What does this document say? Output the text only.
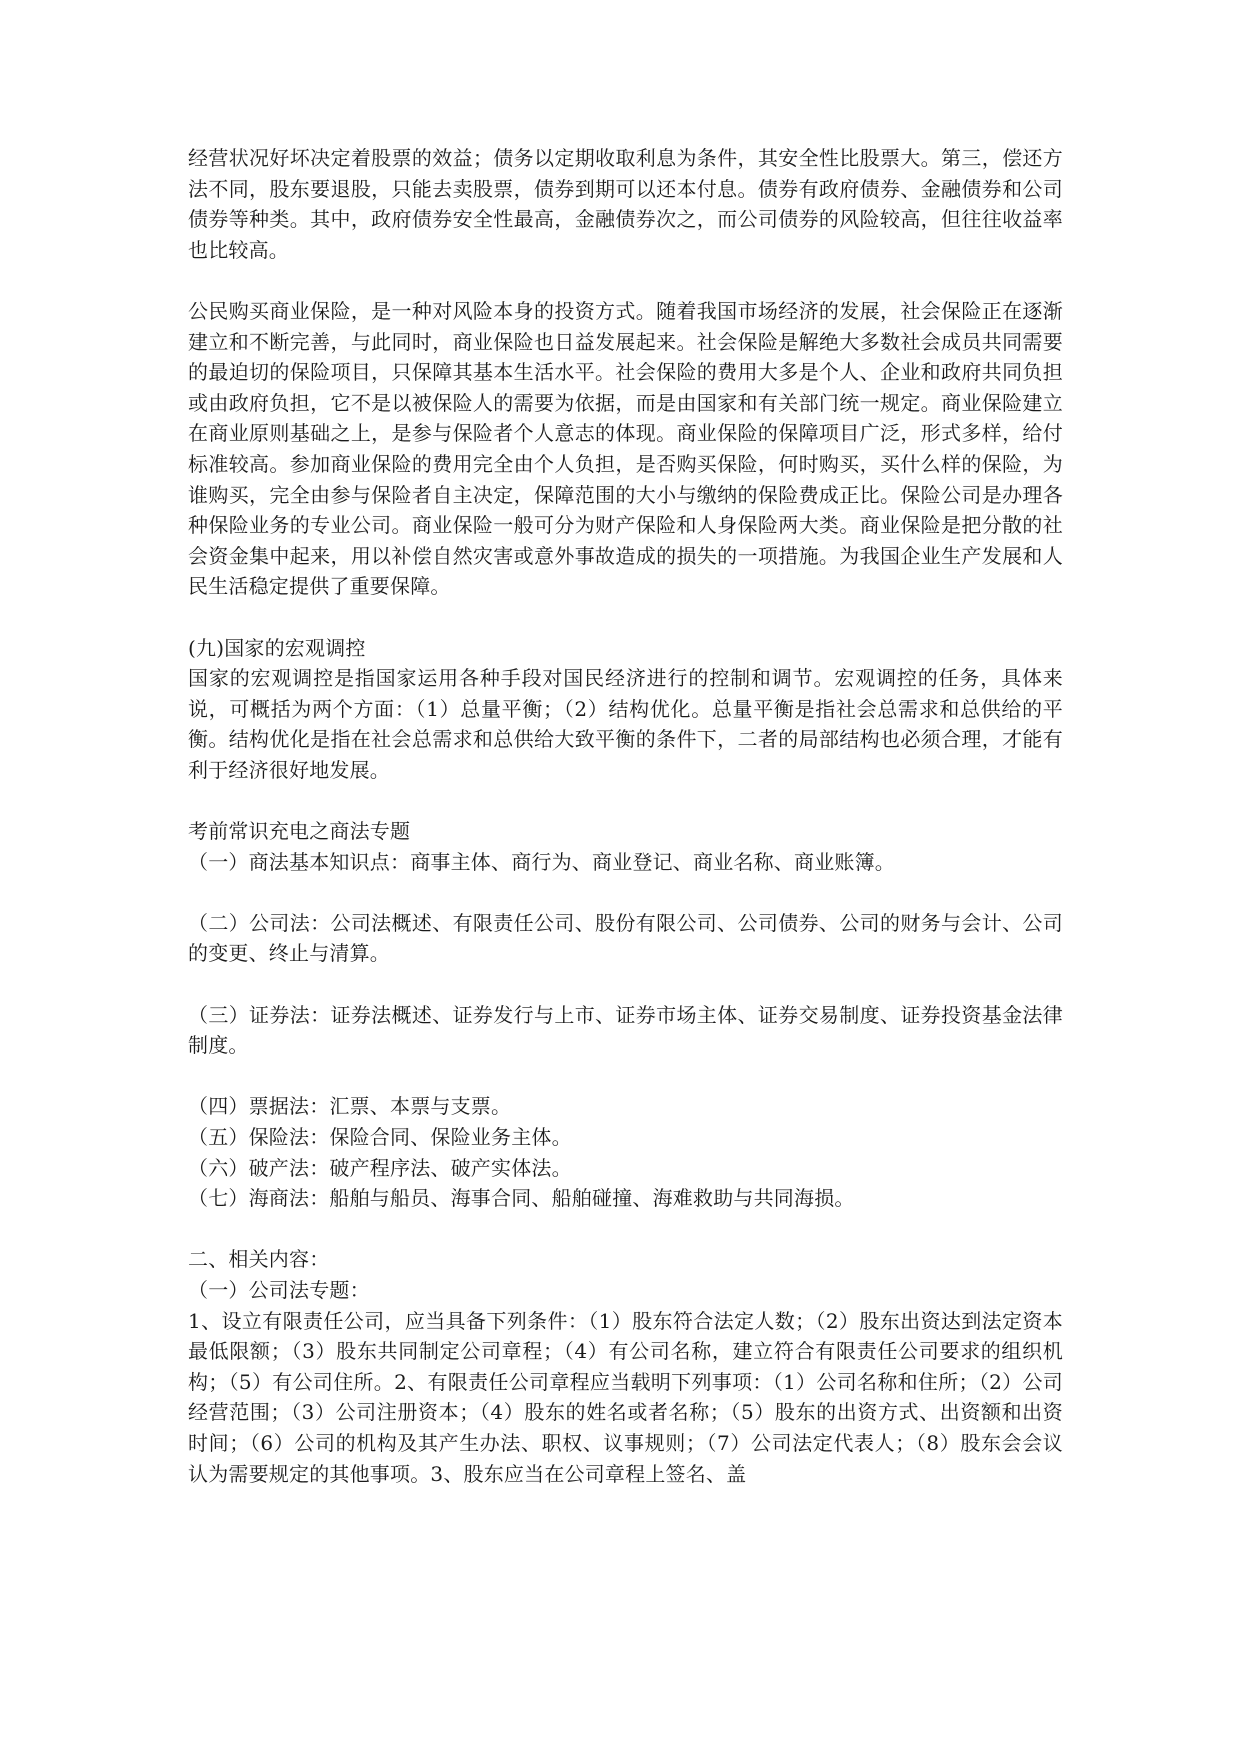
经营状况好坏决定着股票的效益；债务以定期收取利息为条件，其安全性比股票大。第三，偿还方法不同，股东要退股，只能去卖股票，债券到期可以还本付息。债券有政府债券、金融债券和公司债券等种类。其中，政府债券安全性最高，金融债券次之，而公司债券的风险较高，但往往收益率也比较高。

公民购买商业保险，是一种对风险本身的投资方式。随着我国市场经济的发展，社会保险正在逐渐建立和不断完善，与此同时，商业保险也日益发展起来。社会保险是解绝大多数社会成员共同需要的最迫切的保险项目，只保障其基本生活水平。社会保险的费用大多是个人、企业和政府共同负担或由政府负担，它不是以被保险人的需要为依据，而是由国家和有关部门统一规定。商业保险建立在商业原则基础之上，是参与保险者个人意志的体现。商业保险的保障项目广泛，形式多样，给付标准较高。参加商业保险的费用完全由个人负担，是否购买保险，何时购买，买什么样的保险，为谁购买，完全由参与保险者自主决定，保障范围的大小与缴纳的保险费成正比。保险公司是办理各种保险业务的专业公司。商业保险一般可分为财产保险和人身保险两大类。商业保险是把分散的社会资金集中起来，用以补偿自然灾害或意外事故造成的损失的一项措施。为我国企业生产发展和人民生活稳定提供了重要保障。

(九)国家的宏观调控

国家的宏观调控是指国家运用各种手段对国民经济进行的控制和调节。宏观调控的任务，具体来说，可概括为两个方面：（1）总量平衡；（2）结构优化。总量平衡是指社会总需求和总供给的平衡。结构优化是指在社会总需求和总供给大致平衡的条件下，二者的局部结构也必须合理，才能有利于经济很好地发展。

考前常识充电之商法专题

（一）商法基本知识点：商事主体、商行为、商业登记、商业名称、商业账簿。

（二）公司法：公司法概述、有限责任公司、股份有限公司、公司债券、公司的财务与会计、公司的变更、终止与清算。

（三）证券法：证券法概述、证券发行与上市、证券市场主体、证券交易制度、证券投资基金法律制度。

（四）票据法：汇票、本票与支票。

（五）保险法：保险合同、保险业务主体。

（六）破产法：破产程序法、破产实体法。

（七）海商法：船舶与船员、海事合同、船舶碰撞、海难救助与共同海损。

二、相关内容：

（一）公司法专题：

1、设立有限责任公司，应当具备下列条件：（1）股东符合法定人数；（2）股东出资达到法定资本最低限额；（3）股东共同制定公司章程；（4）有公司名称，建立符合有限责任公司要求的组织机构；（5）有公司住所。2、有限责任公司章程应当载明下列事项：（1）公司名称和住所；（2）公司经营范围；（3）公司注册资本；（4）股东的姓名或者名称；（5）股东的出资方式、出资额和出资时间；（6）公司的机构及其产生办法、职权、议事规则；（7）公司法定代表人；（8）股东会会议认为需要规定的其他事项。3、股东应当在公司章程上签名、盖
